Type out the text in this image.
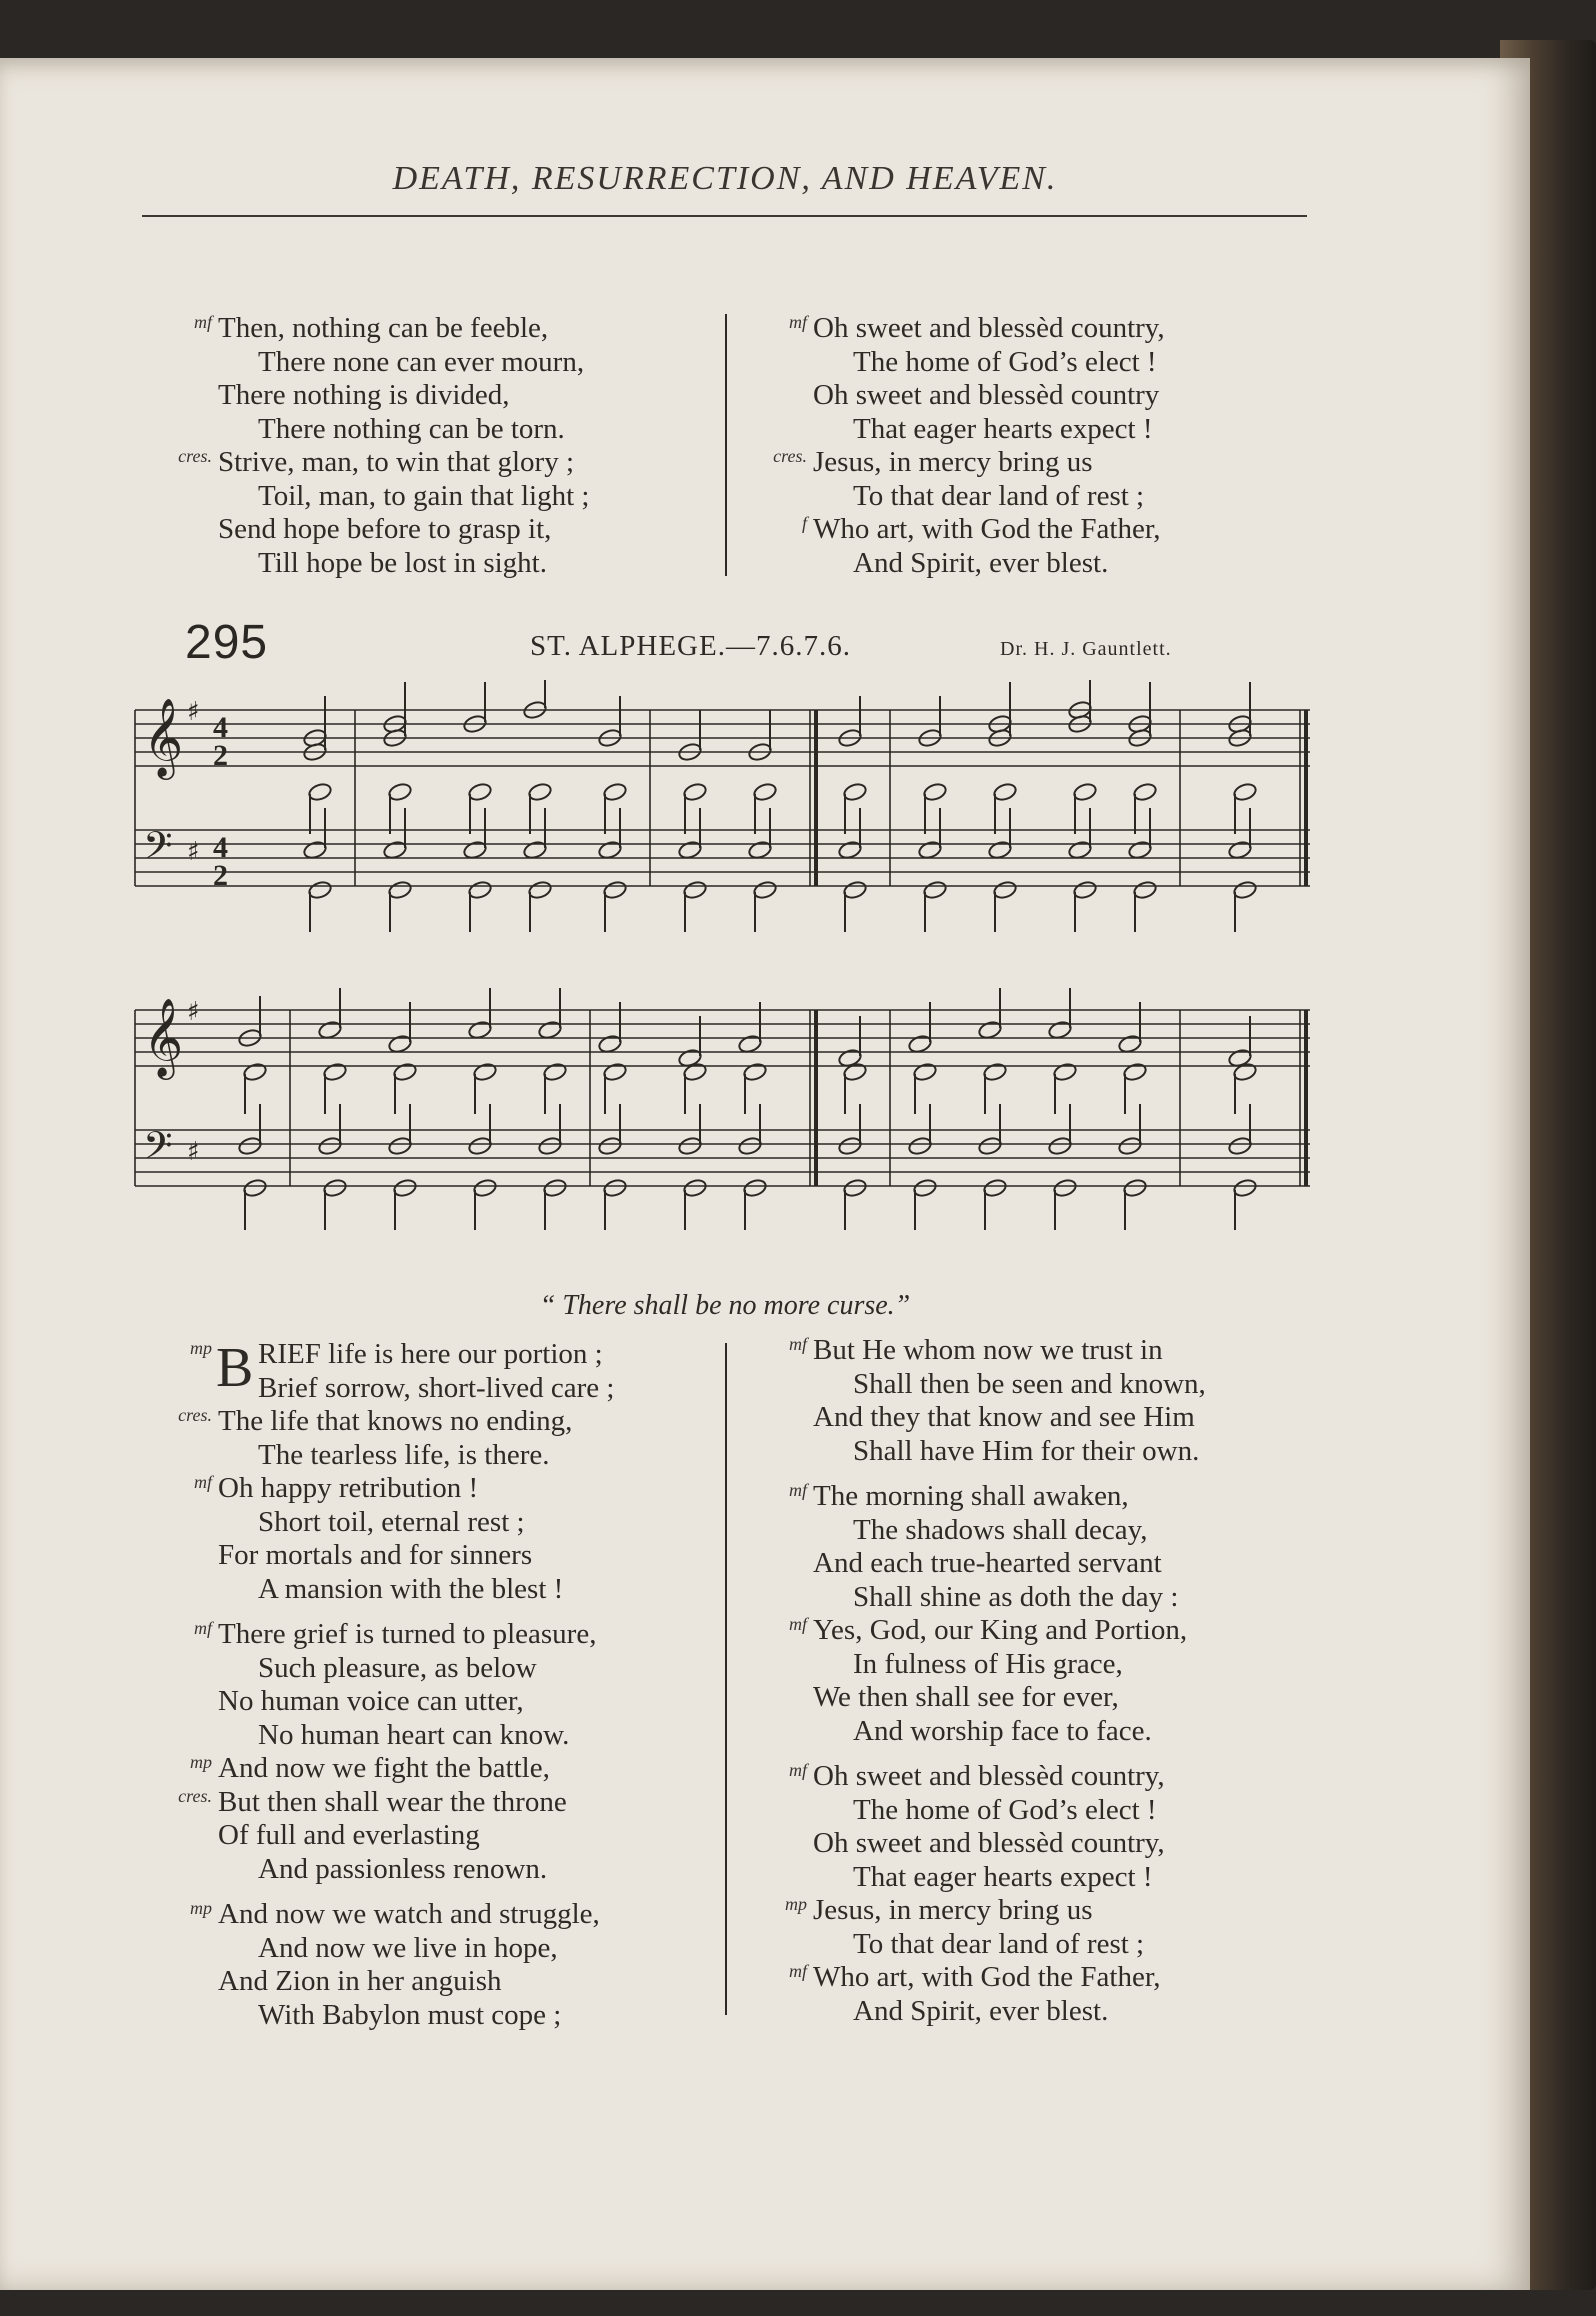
DEATH, RESURRECTION, AND HEAVEN.
mf Then, nothing can be feeble,
There none can ever mourn,
There nothing is divided,
There nothing can be torn.
cres. Strive, man, to win that glory ;
Toil, man, to gain that light ;
Send hope before to grasp it,
Till hope be lost in sight.
mf Oh sweet and blessèd country,
The home of God’s elect !
Oh sweet and blessèd country
That eager hearts expect !
cres. Jesus, in mercy bring us
To that dear land of rest ;
f Who art, with God the Father,
And Spirit, ever blest.
295	ST. ALPHEGE.—7.6.7.6.	Dr. H. J. Gauntlett.
𝄞 ♯
𝄢 ♯
𝄞 ♯
𝄢 ♯
4
2
4
2
“ There shall be no more curse.”
mp B RIEF life is here our portion ;
Brief sorrow, short-lived care ;
cres. The life that knows no ending,
The tearless life, is there.
mf Oh happy retribution !
Short toil, eternal rest ;
For mortals and for sinners
A mansion with the blest !
mf There grief is turned to pleasure,
Such pleasure, as below
No human voice can utter,
No human heart can know.
mp And now we fight the battle,
cres. But then shall wear the throne
Of full and everlasting
And passionless renown.
mp And now we watch and struggle,
And now we live in hope,
And Zion in her anguish
With Babylon must cope ;
mf But He whom now we trust in
Shall then be seen and known,
And they that know and see Him
Shall have Him for their own.
mf The morning shall awaken,
The shadows shall decay,
And each true-hearted servant
Shall shine as doth the day :
mf Yes, God, our King and Portion,
In fulness of His grace,
We then shall see for ever,
And worship face to face.
mf Oh sweet and blessèd country,
The home of God’s elect !
Oh sweet and blessèd country,
That eager hearts expect !
mp Jesus, in mercy bring us
To that dear land of rest ;
mf Who art, with God the Father,
And Spirit, ever blest.
